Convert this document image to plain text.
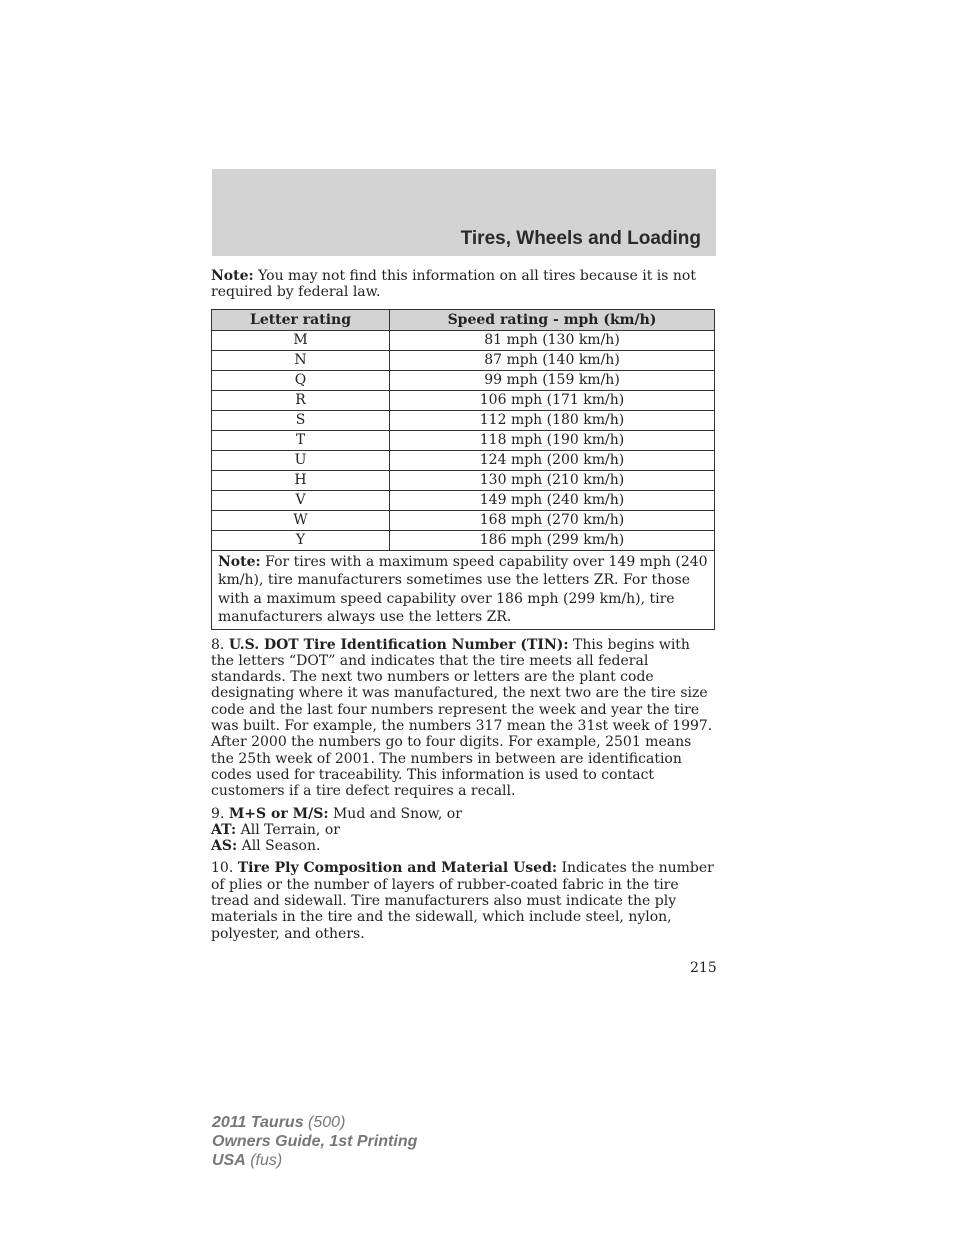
Tires, Wheels and Loading

Note: You may not find this information on all tires because it is not required by federal law.

Letter rating	Speed rating - mph (km/h)
M	81 mph (130 km/h)
N	87 mph (140 km/h)
Q	99 mph (159 km/h)
R	106 mph (171 km/h)
S	112 mph (180 km/h)
T	118 mph (190 km/h)
U	124 mph (200 km/h)
H	130 mph (210 km/h)
V	149 mph (240 km/h)
W	168 mph (270 km/h)
Y	186 mph (299 km/h)
Note: For tires with a maximum speed capability over 149 mph (240 km/h), tire manufacturers sometimes use the letters ZR. For those with a maximum speed capability over 186 mph (299 km/h), tire manufacturers always use the letters ZR.	

8. U.S. DOT Tire Identification Number (TIN): This begins with the letters “DOT” and indicates that the tire meets all federal standards. The next two numbers or letters are the plant code designating where it was manufactured, the next two are the tire size code and the last four numbers represent the week and year the tire was built. For example, the numbers 317 mean the 31st week of 1997. After 2000 the numbers go to four digits. For example, 2501 means the 25th week of 2001. The numbers in between are identification codes used for traceability. This information is used to contact customers if a tire defect requires a recall.

9. M+S or M/S: Mud and Snow, or
AT: All Terrain, or
AS: All Season.

10. Tire Ply Composition and Material Used: Indicates the number of plies or the number of layers of rubber-coated fabric in the tire tread and sidewall. Tire manufacturers also must indicate the ply materials in the tire and the sidewall, which include steel, nylon, polyester, and others.

215
2011 Taurus (500)
Owners Guide, 1st Printing
USA (fus)
